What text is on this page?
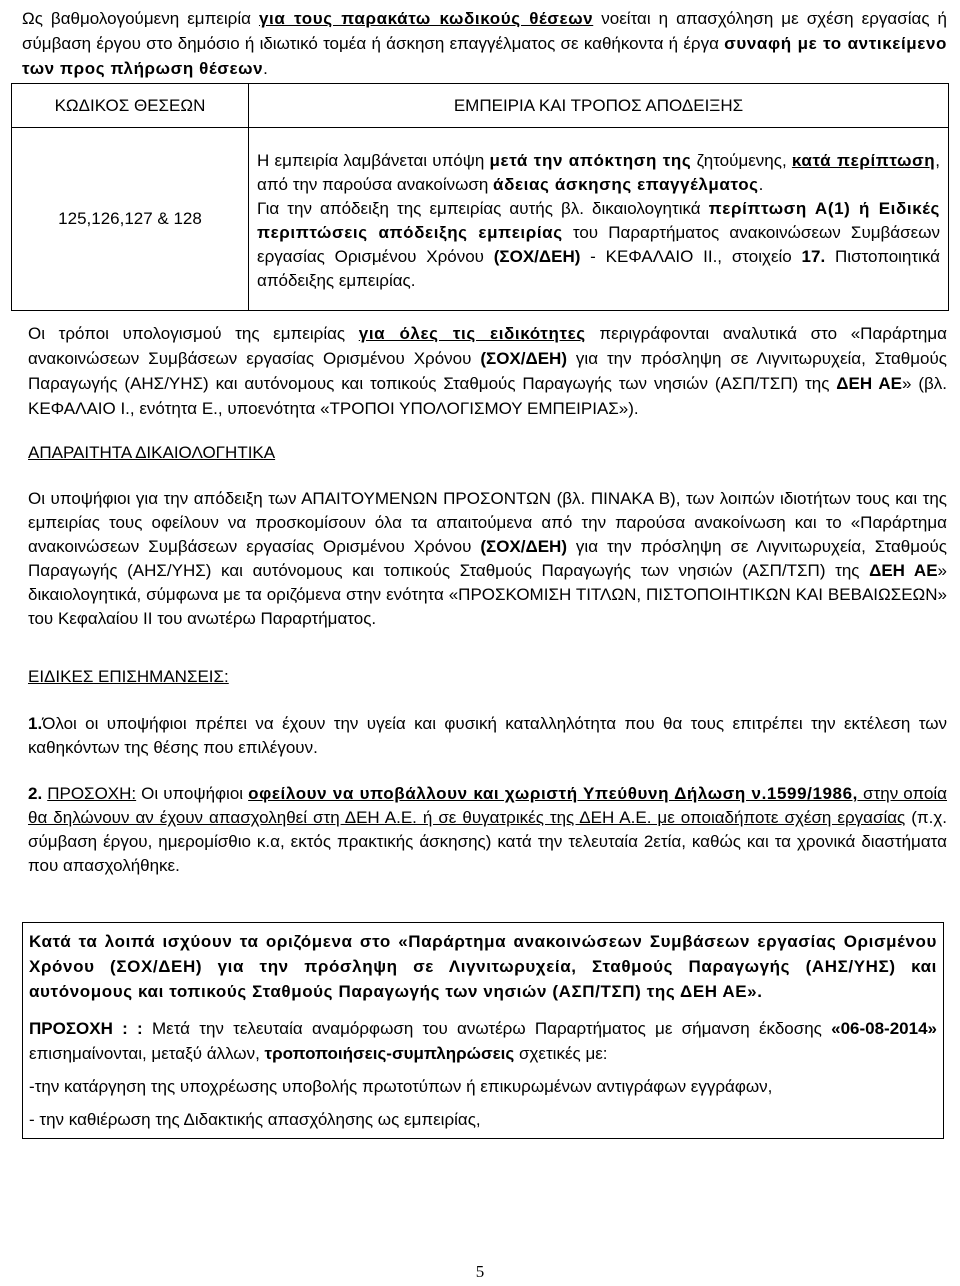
Ως βαθμολογούμενη εμπειρία για τους παρακάτω κωδικούς θέσεων νοείται η απασχόληση με σχέση εργασίας ή σύμβαση έργου στο δημόσιο ή ιδιωτικό τομέα ή άσκηση επαγγέλματος σε καθήκοντα ή έργα συναφή με το αντικείμενο των προς πλήρωση θέσεων.

ΚΩΔΙΚΟΣ ΘΕΣΕΩΝ	ΕΜΠΕΙΡΙΑ ΚΑΙ ΤΡΟΠΟΣ ΑΠΟΔΕΙΞΗΣ
125,126,127 & 128	Η εμπειρία λαμβάνεται υπόψη μετά την απόκτηση της ζητούμενης, κατά περίπτωση, από την παρούσα ανακοίνωση άδειας άσκησης επαγγέλματος.

Για την απόδειξη της εμπειρίας αυτής βλ. δικαιολογητικά περίπτωση Α(1) ή Ειδικές περιπτώσεις απόδειξης εμπειρίας του Παραρτήματος ανακοινώσεων Συμβάσεων εργασίας Ορισμένου Χρόνου (ΣΟΧ/ΔΕΗ) - ΚΕΦΑΛΑΙΟ ΙΙ., στοιχείο 17. Πιστοποιητικά απόδειξης εμπειρίας.

Οι τρόποι υπολογισμού της εμπειρίας για όλες τις ειδικότητες περιγράφονται αναλυτικά στο «Παράρτημα ανακοινώσεων Συμβάσεων εργασίας Ορισμένου Χρόνου (ΣΟΧ/ΔΕΗ) για την πρόσληψη σε Λιγνιτωρυχεία, Σταθμούς Παραγωγής (ΑΗΣ/ΥΗΣ) και αυτόνομους και τοπικούς Σταθμούς Παραγωγής των νησιών (ΑΣΠ/ΤΣΠ) της ΔΕΗ ΑΕ» (βλ. ΚΕΦΑΛΑΙΟ Ι., ενότητα Ε., υποενότητα «ΤΡΟΠΟΙ ΥΠΟΛΟΓΙΣΜΟΥ ΕΜΠΕΙΡΙΑΣ»).

ΑΠΑΡΑΙΤΗΤΑ ΔΙΚΑΙΟΛΟΓΗΤΙΚΑ

Οι υποψήφιοι για την απόδειξη των ΑΠΑΙΤΟΥΜΕΝΩΝ ΠΡΟΣΟΝΤΩΝ (βλ. ΠΙΝΑΚΑ Β), των λοιπών ιδιοτήτων τους και της εμπειρίας τους οφείλουν να προσκομίσουν όλα τα απαιτούμενα από την παρούσα ανακοίνωση και το «Παράρτημα ανακοινώσεων Συμβάσεων εργασίας Ορισμένου Χρόνου (ΣΟΧ/ΔΕΗ) για την πρόσληψη σε Λιγνιτωρυχεία, Σταθμούς Παραγωγής (ΑΗΣ/ΥΗΣ) και αυτόνομους και τοπικούς Σταθμούς Παραγωγής των νησιών (ΑΣΠ/ΤΣΠ) της ΔΕΗ ΑΕ» δικαιολογητικά, σύμφωνα με τα οριζόμενα στην ενότητα «ΠΡΟΣΚΟΜΙΣΗ ΤΙΤΛΩΝ, ΠΙΣΤΟΠΟΙΗΤΙΚΩΝ ΚΑΙ ΒΕΒΑΙΩΣΕΩΝ» του Κεφαλαίου ΙΙ του ανωτέρω Παραρτήματος.

ΕΙΔΙΚΕΣ ΕΠΙΣΗΜΑΝΣΕΙΣ:

1.Όλοι οι υποψήφιοι πρέπει να έχουν την υγεία και φυσική καταλληλότητα που θα τους επιτρέπει την εκτέλεση των καθηκόντων της θέσης που επιλέγουν.

2. ΠΡΟΣΟΧΗ: Οι υποψήφιοι οφείλουν να υποβάλλουν και χωριστή Υπεύθυνη Δήλωση ν.1599/1986, στην οποία θα δηλώνουν αν έχουν απασχοληθεί στη ΔΕΗ Α.Ε. ή σε θυγατρικές της ΔΕΗ Α.Ε. με οποιαδήποτε σχέση εργασίας (π.χ. σύμβαση έργου, ημερομίσθιο κ.α, εκτός πρακτικής άσκησης) κατά την τελευταία 2ετία, καθώς και τα χρονικά διαστήματα που απασχολήθηκε.

Κατά τα λοιπά ισχύουν τα οριζόμενα στο «Παράρτημα ανακοινώσεων Συμβάσεων εργασίας Ορισμένου Χρόνου (ΣΟΧ/ΔΕΗ) για την πρόσληψη σε Λιγνιτωρυχεία, Σταθμούς Παραγωγής (ΑΗΣ/ΥΗΣ) και αυτόνομους και τοπικούς Σταθμούς Παραγωγής των νησιών (ΑΣΠ/ΤΣΠ) της ΔΕΗ ΑΕ».

ΠΡΟΣΟΧΗ : : Μετά την τελευταία αναμόρφωση του ανωτέρω Παραρτήματος με σήμανση έκδοσης «06-08-2014» επισημαίνονται, μεταξύ άλλων, τροποποιήσεις-συμπληρώσεις σχετικές με:

-την κατάργηση της υποχρέωσης υποβολής πρωτοτύπων ή επικυρωμένων αντιγράφων εγγράφων,

- την καθιέρωση της Διδακτικής απασχόλησης ως εμπειρίας,

5
